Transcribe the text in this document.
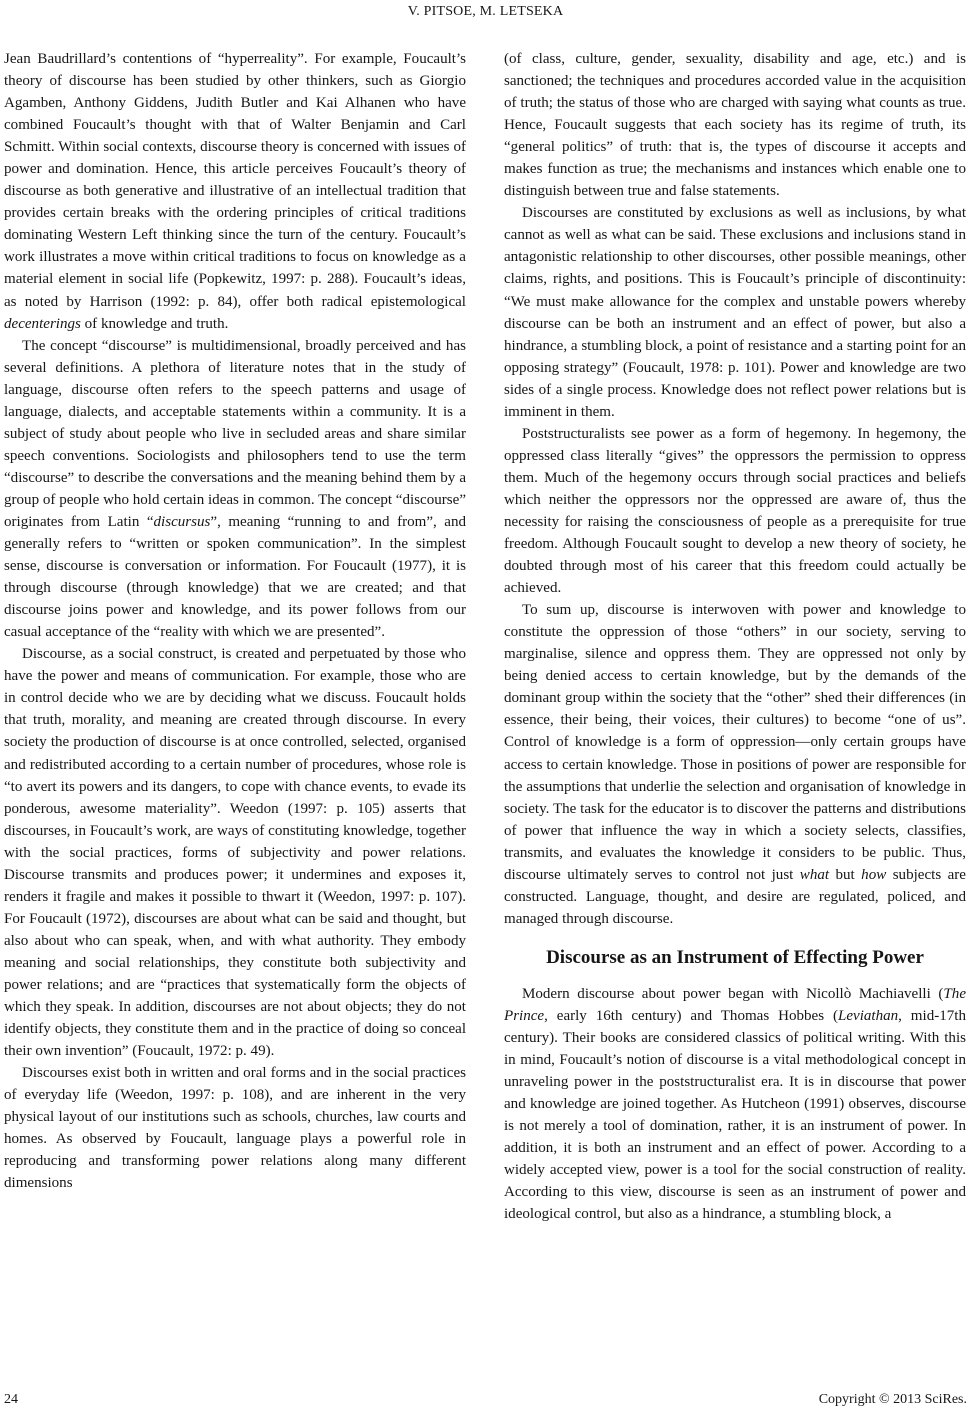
V. PITSOE, M. LETSEKA

Jean Baudrillard’s contentions of “hyperreality”. For example, Foucault’s theory of discourse has been studied by other thinkers, such as Giorgio Agamben, Anthony Giddens, Judith Butler and Kai Alhanen who have combined Foucault’s thought with that of Walter Benjamin and Carl Schmitt. Within social contexts, discourse theory is concerned with issues of power and domination. Hence, this article perceives Foucault’s theory of discourse as both generative and illustrative of an intellectual tradition that provides certain breaks with the ordering principles of critical traditions dominating Western Left thinking since the turn of the century. Foucault’s work illustrates a move within critical traditions to focus on knowledge as a material element in social life (Popkewitz, 1997: p. 288). Foucault’s ideas, as noted by Harrison (1992: p. 84), offer both radical epistemological decenterings of knowledge and truth.

The concept “discourse” is multidimensional, broadly perceived and has several definitions. A plethora of literature notes that in the study of language, discourse often refers to the speech patterns and usage of language, dialects, and acceptable statements within a community. It is a subject of study about people who live in secluded areas and share similar speech conventions. Sociologists and philosophers tend to use the term “discourse” to describe the conversations and the meaning behind them by a group of people who hold certain ideas in common. The concept “discourse” originates from Latin “discursus”, meaning “running to and from”, and generally refers to “written or spoken communication”. In the simplest sense, discourse is conversation or information. For Foucault (1977), it is through discourse (through knowledge) that we are created; and that discourse joins power and knowledge, and its power follows from our casual acceptance of the “reality with which we are presented”.

Discourse, as a social construct, is created and perpetuated by those who have the power and means of communication. For example, those who are in control decide who we are by deciding what we discuss. Foucault holds that truth, morality, and meaning are created through discourse. In every society the production of discourse is at once controlled, selected, organised and redistributed according to a certain number of procedures, whose role is “to avert its powers and its dangers, to cope with chance events, to evade its ponderous, awesome materiality”. Weedon (1997: p. 105) asserts that discourses, in Foucault’s work, are ways of constituting knowledge, together with the social practices, forms of subjectivity and power relations. Discourse transmits and produces power; it undermines and exposes it, renders it fragile and makes it possible to thwart it (Weedon, 1997: p. 107). For Foucault (1972), discourses are about what can be said and thought, but also about who can speak, when, and with what authority. They embody meaning and social relationships, they constitute both subjectivity and power relations; and are “practices that systematically form the objects of which they speak. In addition, discourses are not about objects; they do not identify objects, they constitute them and in the practice of doing so conceal their own invention” (Foucault, 1972: p. 49).

Discourses exist both in written and oral forms and in the social practices of everyday life (Weedon, 1997: p. 108), and are inherent in the very physical layout of our institutions such as schools, churches, law courts and homes. As observed by Foucault, language plays a powerful role in reproducing and transforming power relations along many different dimensions

(of class, culture, gender, sexuality, disability and age, etc.) and is sanctioned; the techniques and procedures accorded value in the acquisition of truth; the status of those who are charged with saying what counts as true. Hence, Foucault suggests that each society has its regime of truth, its “general politics” of truth: that is, the types of discourse it accepts and makes function as true; the mechanisms and instances which enable one to distinguish between true and false statements.

Discourses are constituted by exclusions as well as inclusions, by what cannot as well as what can be said. These exclusions and inclusions stand in antagonistic relationship to other discourses, other possible meanings, other claims, rights, and positions. This is Foucault’s principle of discontinuity: “We must make allowance for the complex and unstable powers whereby discourse can be both an instrument and an effect of power, but also a hindrance, a stumbling block, a point of resistance and a starting point for an opposing strategy” (Foucault, 1978: p. 101). Power and knowledge are two sides of a single process. Knowledge does not reflect power relations but is imminent in them.

Poststructuralists see power as a form of hegemony. In hegemony, the oppressed class literally “gives” the oppressors the permission to oppress them. Much of the hegemony occurs through social practices and beliefs which neither the oppressors nor the oppressed are aware of, thus the necessity for raising the consciousness of people as a prerequisite for true freedom. Although Foucault sought to develop a new theory of society, he doubted through most of his career that this freedom could actually be achieved.

To sum up, discourse is interwoven with power and knowledge to constitute the oppression of those “others” in our society, serving to marginalise, silence and oppress them. They are oppressed not only by being denied access to certain knowledge, but by the demands of the dominant group within the society that the “other” shed their differences (in essence, their being, their voices, their cultures) to become “one of us”. Control of knowledge is a form of oppression—only certain groups have access to certain knowledge. Those in positions of power are responsible for the assumptions that underlie the selection and organisation of knowledge in society. The task for the educator is to discover the patterns and distributions of power that influence the way in which a society selects, classifies, transmits, and evaluates the knowledge it considers to be public. Thus, discourse ultimately serves to control not just what but how subjects are constructed. Language, thought, and desire are regulated, policed, and managed through discourse.

Discourse as an Instrument of Effecting Power

Modern discourse about power began with Nicollò Machiavelli (The Prince, early 16th century) and Thomas Hobbes (Leviathan, mid-17th century). Their books are considered classics of political writing. With this in mind, Foucault’s notion of discourse is a vital methodological concept in unraveling power in the poststructuralist era. It is in discourse that power and knowledge are joined together. As Hutcheon (1991) observes, discourse is not merely a tool of domination, rather, it is an instrument of power. In addition, it is both an instrument and an effect of power. According to a widely accepted view, power is a tool for the social construction of reality. According to this view, discourse is seen as an instrument of power and ideological control, but also as a hindrance, a stumbling block, a

24	Copyright © 2013 SciRes.
